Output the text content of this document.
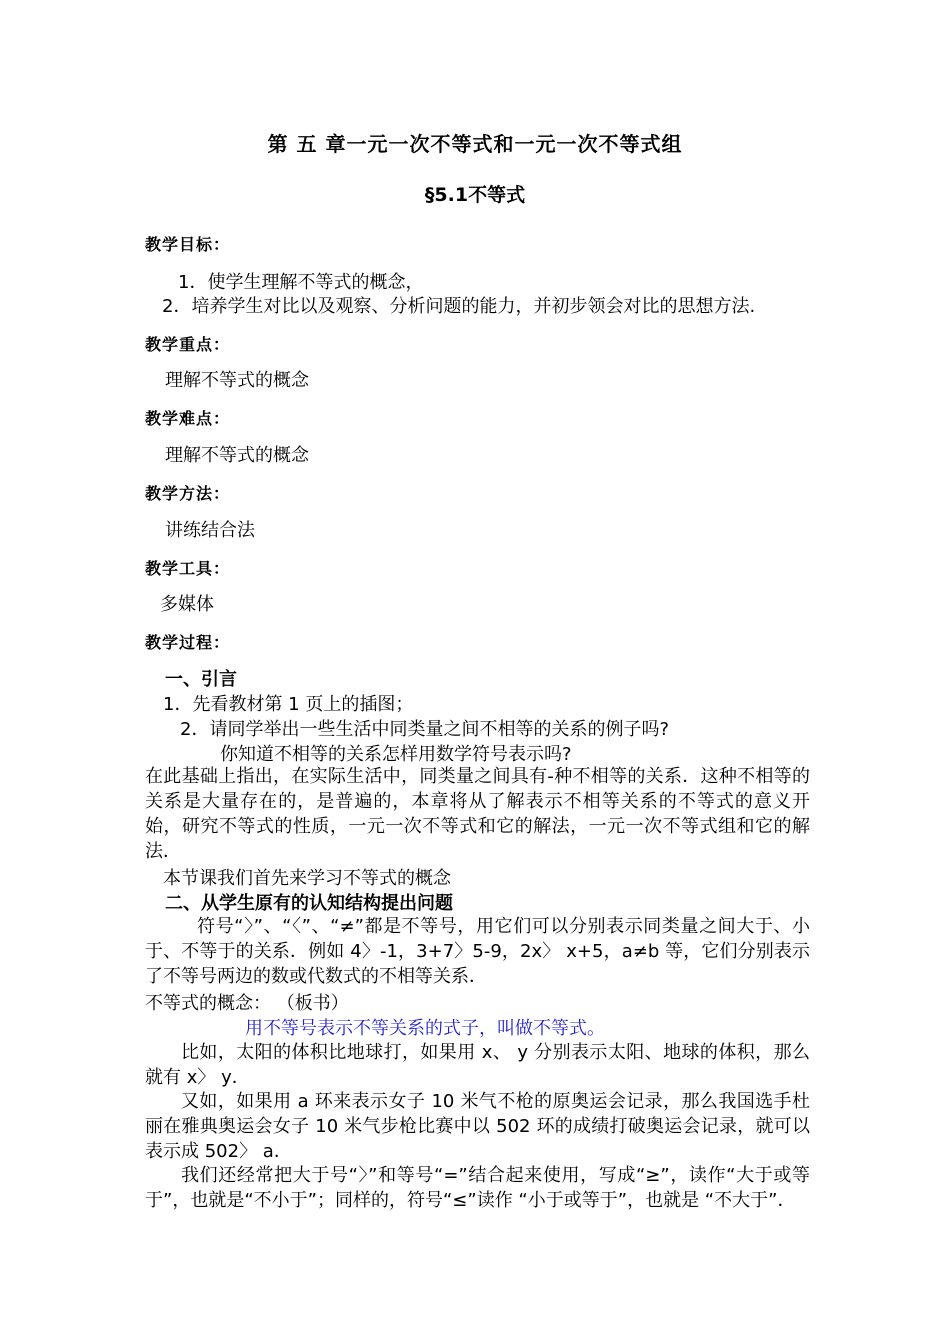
第 五 章一元一次不等式和一元一次不等式组
§5.1不等式
教学目标：
1．使学生理解不等式的概念，
2．培养学生对比以及观察、分析问题的能力，并初步领会对比的思想方法.
教学重点：
理解不等式的概念
教学难点：
理解不等式的概念
教学方法：
讲练结合法
教学工具：
多媒体
教学过程：
一、引言
1．先看教材第 1 页上的插图；
2．请同学举出一些生活中同类量之间不相等的关系的例子吗?
你知道不相等的关系怎样用数学符号表示吗?
在此基础上指出，在实际生活中，同类量之间具有-种不相等的关系．这种不相等的关系是大量存在的，是普遍的，本章将从了解表示不相等关系的不等式的意义开始，研究不等式的性质，一元一次不等式和它的解法，一元一次不等式组和它的解法．
本节课我们首先来学习不等式的概念
二、从学生原有的认知结构提出问题
符号“〉”、“〈”、“≠”都是不等号，用它们可以分别表示同类量之间大于、小于、不等于的关系．例如 4〉-1，3+7〉5-9，2x〉 x+5，a≠b 等，它们分别表示了不等号两边的数或代数式的不相等关系．
不等式的概念： （板书）
用不等号表示不等关系的式子，叫做不等式。
比如，太阳的体积比地球打，如果用 x、 y 分别表示太阳、地球的体积，那么就有 x〉 y．
又如，如果用 a 环来表示女子 10 米气不枪的原奥运会记录，那么我国选手杜丽在雅典奥运会女子 10 米气步枪比赛中以 502 环的成绩打破奥运会记录，就可以表示成 502〉 a．
我们还经常把大于号“〉”和等号“=”结合起来使用，写成“≥”，读作“大于或等于”，也就是“不小于”；同样的，符号“≤”读作 “小于或等于”，也就是 “不大于”．
